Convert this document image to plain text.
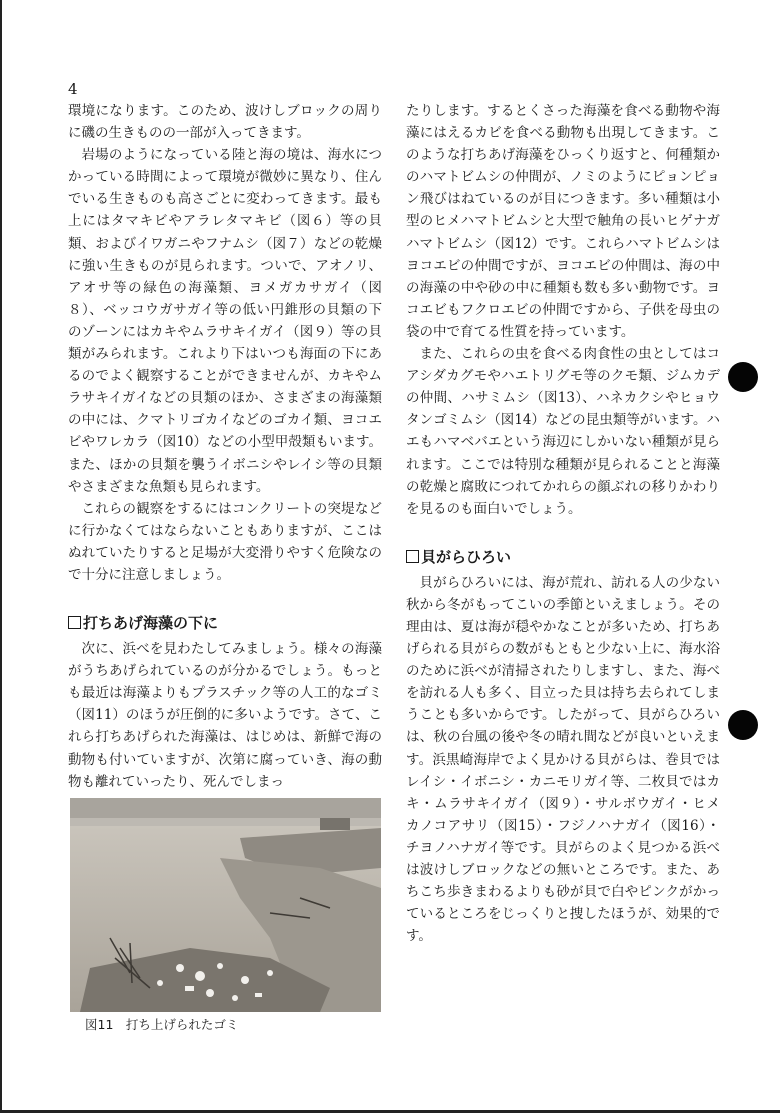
4

環境になります。このため、波けしブロックの周りに磯の生きものの一部が入ってきます。

岩場のようになっている陸と海の境は、海水につかっている時間によって環境が微妙に異なり、住んでいる生きものも高さごとに変わってきます。最も上にはタマキビやアラレタマキビ（図６）等の貝類、およびイワガニやフナムシ（図７）などの乾燥に強い生きものが見られます。ついで、アオノリ、アオサ等の緑色の海藻類、ヨメガカサガイ（図８）、ベッコウガサガイ等の低い円錐形の貝類の下のゾーンにはカキやムラサキイガイ（図９）等の貝類がみられます。これより下はいつも海面の下にあるのでよく観察することができませんが、カキやムラサキイガイなどの貝類のほか、さまざまの海藻類の中には、クマトリゴカイなどのゴカイ類、ヨコエビやワレカラ（図10）などの小型甲殻類もいます。また、ほかの貝類を襲うイボニシやレイシ等の貝類やさまざまな魚類も見られます。

これらの観察をするにはコンクリートの突堤などに行かなくてはならないこともありますが、ここはぬれていたりすると足場が大変滑りやすく危険なので十分に注意しましょう。

打ちあげ海藻の下に

次に、浜べを見わたしてみましょう。様々の海藻がうちあげられているのが分かるでしょう。もっとも最近は海藻よりもプラスチック等の人工的なゴミ（図11）のほうが圧倒的に多いようです。さて、これら打ちあげられた海藻は、はじめは、新鮮で海の動物も付いていますが、次第に腐っていき、海の動物も離れていったり、死んでしまっ

たりします。するとくさった海藻を食べる動物や海藻にはえるカビを食べる動物も出現してきます。このような打ちあげ海藻をひっくり返すと、何種類かのハマトビムシの仲間が、ノミのようにピョンピョン飛びはねているのが目につきます。多い種類は小型のヒメハマトビムシと大型で触角の長いヒゲナガハマトビムシ（図12）です。これらハマトビムシはヨコエビの仲間ですが、ヨコエビの仲間は、海の中の海藻の中や砂の中に種類も数も多い動物です。ヨコエビもフクロエビの仲間ですから、子供を母虫の袋の中で育てる性質を持っています。

また、これらの虫を食べる肉食性の虫としてはコアシダカグモやハエトリグモ等のクモ類、ジムカデの仲間、ハサミムシ（図13）、ハネカクシやヒョウタンゴミムシ（図14）などの昆虫類等がいます。ハエもハマベバエという海辺にしかいない種類が見られます。ここでは特別な種類が見られることと海藻の乾燥と腐敗につれてかれらの顔ぶれの移りかわりを見るのも面白いでしょう。

貝がらひろい

貝がらひろいには、海が荒れ、訪れる人の少ない秋から冬がもってこいの季節といえましょう。その理由は、夏は海が穏やかなことが多いため、打ちあげられる貝がらの数がもともと少ない上に、海水浴のために浜べが清掃されたりしますし、また、海べを訪れる人も多く、目立った貝は持ち去られてしまうことも多いからです。したがって、貝がらひろいは、秋の台風の後や冬の晴れ間などが良いといえます。浜黒崎海岸でよく見かける貝がらは、巻貝ではレイシ・イボニシ・カニモリガイ等、二枚貝ではカキ・ムラサキイガイ（図９）・サルボウガイ・ヒメカノコアサリ（図15）・フジノハナガイ（図16）・チヨノハナガイ等です。貝がらのよく見つかる浜べは波けしブロックなどの無いところです。また、あちこち歩きまわるよりも砂が貝で白やピンクがかっているところをじっくりと捜したほうが、効果的です。

図11　打ち上げられたゴミ
